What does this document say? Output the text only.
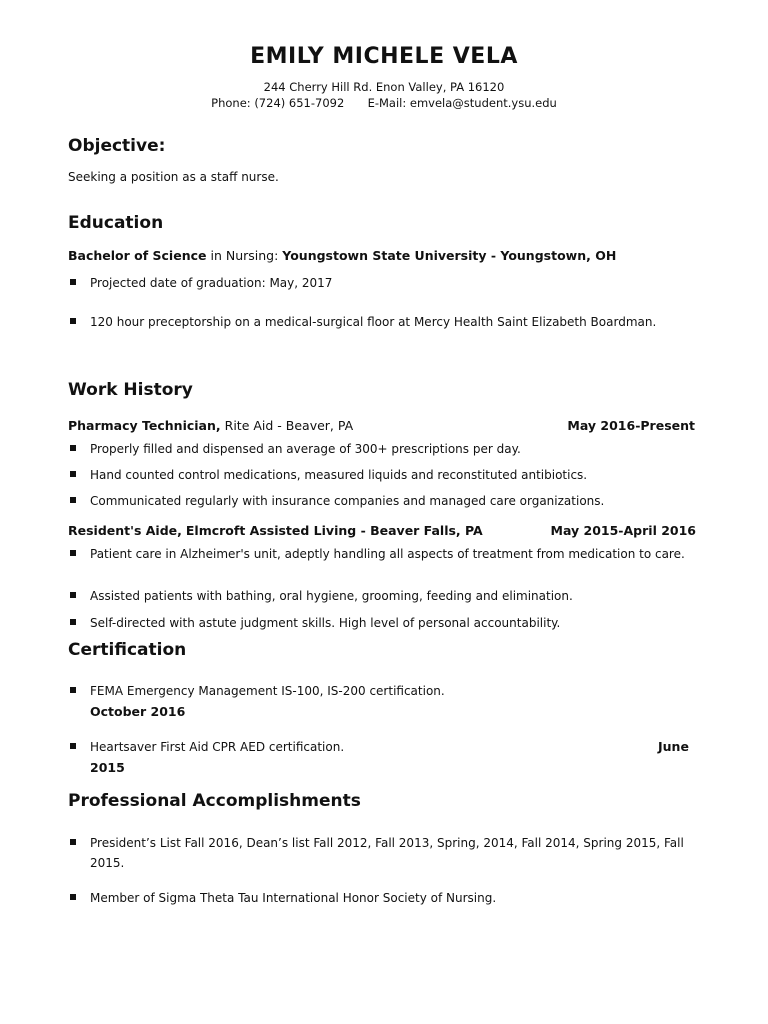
EMILY MICHELE VELA
244 Cherry Hill Rd. Enon Valley, PA 16120
Phone: (724) 651-7092 E-Mail: emvela@student.ysu.edu
Objective:
Seeking a position as a staff nurse.
Education
Bachelor of Science in Nursing: Youngstown State University - Youngstown, OH
Projected date of graduation: May, 2017
120 hour preceptorship on a medical-surgical floor at Mercy Health Saint Elizabeth Boardman.
Work History
Pharmacy Technician, Rite Aid - Beaver, PA	May 2016-Present
Properly filled and dispensed an average of 300+ prescriptions per day.
Hand counted control medications, measured liquids and reconstituted antibiotics.
Communicated regularly with insurance companies and managed care organizations.
Resident's Aide, Elmcroft Assisted Living - Beaver Falls, PA	May 2015-April 2016
Patient care in Alzheimer's unit, adeptly handling all aspects of treatment from medication to care.
Assisted patients with bathing, oral hygiene, grooming, feeding and elimination.
Self-directed with astute judgment skills. High level of personal accountability.
Certification
FEMA Emergency Management IS-100, IS-200 certification.
October 2016
Heartsaver First Aid CPR AED certification.	June
2015
Professional Accomplishments
President’s List Fall 2016, Dean’s list Fall 2012, Fall 2013, Spring, 2014, Fall 2014, Spring 2015, Fall 2015.
Member of Sigma Theta Tau International Honor Society of Nursing.
